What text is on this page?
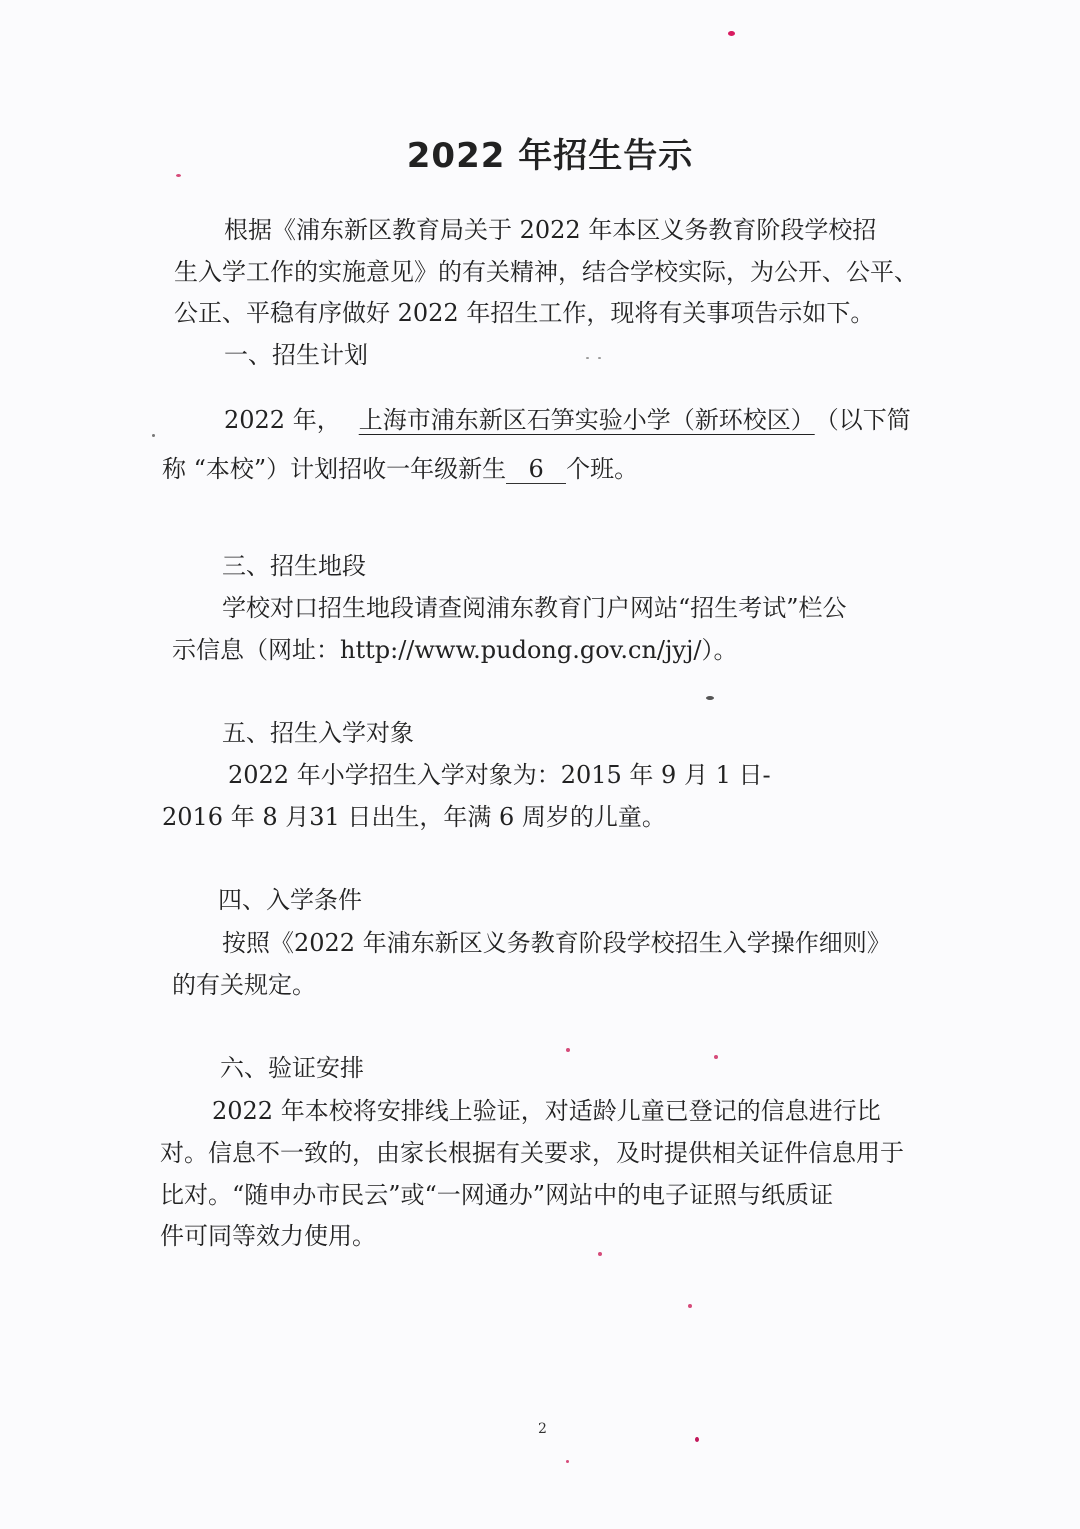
2022 年招生告示
根据《浦东新区教育局关于 2022 年本区义务教育阶段学校招
生入学工作的实施意见》的有关精神，结合学校实际，为公开、公平、
公正、平稳有序做好 2022 年招生工作，现将有关事项告示如下。
一、招生计划
2022 年， 上海市浦东新区石笋实验小学（新环校区） （以下简
称 “本校”）计划招收一年级新生 6 个班。
三、招生地段
学校对口招生地段请查阅浦东教育门户网站“招生考试”栏公
示信息（网址：http://www.pudong.gov.cn/jyj/）。
五、招生入学对象
2022 年小学招生入学对象为：2015 年 9 月 1 日-
2016 年 8 月31 日出生，年满 6 周岁的儿童。
四、入学条件
按照《2022 年浦东新区义务教育阶段学校招生入学操作细则》
的有关规定。
六、验证安排
2022 年本校将安排线上验证，对适龄儿童已登记的信息进行比
对。信息不一致的，由家长根据有关要求，及时提供相关证件信息用于
比对。“随申办市民云”或“一网通办”网站中的电子证照与纸质证
件可同等效力使用。
2
